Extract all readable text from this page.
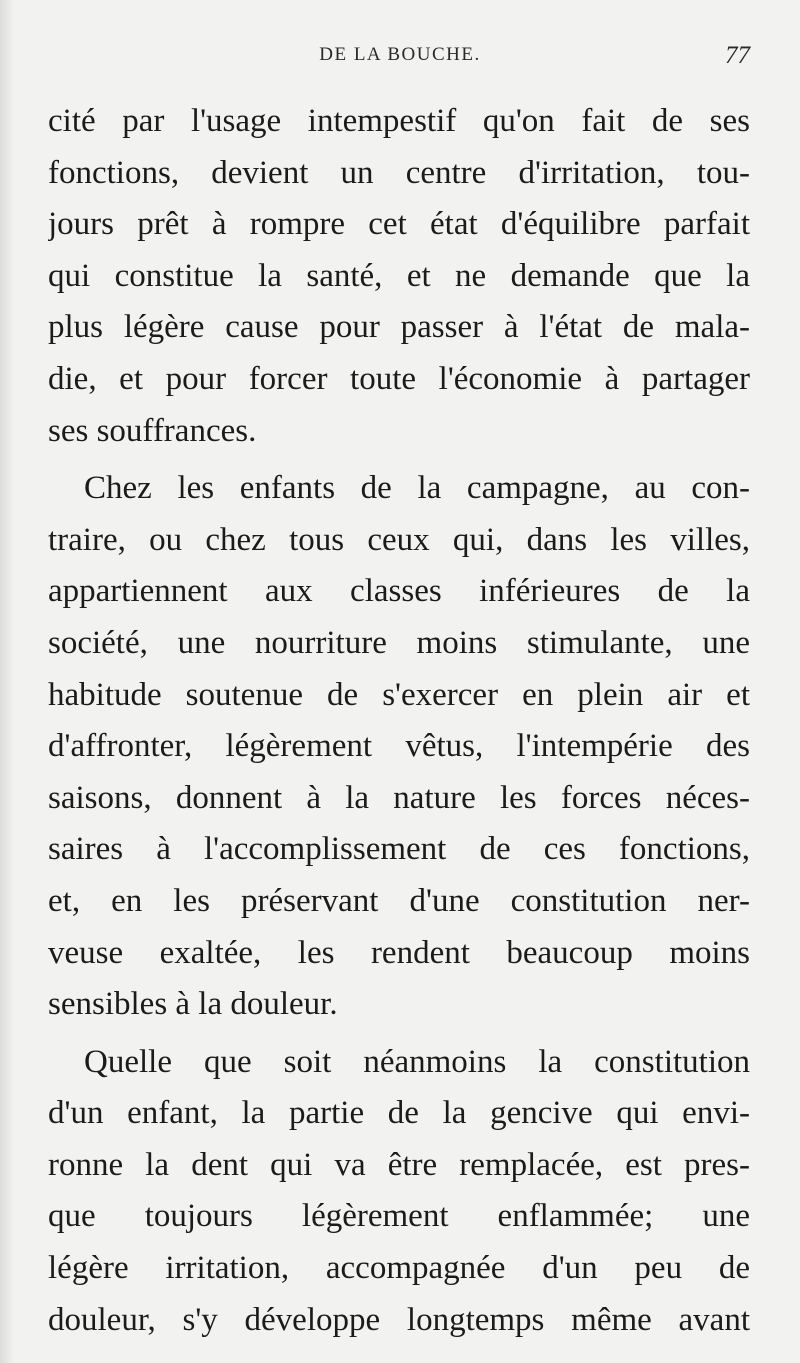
DE LA BOUCHE.	77
cité par l'usage intempestif qu'on fait de ses
fonctions, devient un centre d'irritation, tou-
jours prêt à rompre cet état d'équilibre parfait
qui constitue la santé, et ne demande que la
plus légère cause pour passer à l'état de mala-
die, et pour forcer toute l'économie à partager
ses souffrances.
Chez les enfants de la campagne, au con-
traire, ou chez tous ceux qui, dans les villes,
appartiennent aux classes inférieures de la
société, une nourriture moins stimulante, une
habitude soutenue de s'exercer en plein air et
d'affronter, légèrement vêtus, l'intempérie des
saisons, donnent à la nature les forces néces-
saires à l'accomplissement de ces fonctions,
et, en les préservant d'une constitution ner-
veuse exaltée, les rendent beaucoup moins
sensibles à la douleur.
Quelle que soit néanmoins la constitution
d'un enfant, la partie de la gencive qui envi-
ronne la dent qui va être remplacée, est pres-
que toujours légèrement enflammée; une
légère irritation, accompagnée d'un peu de
douleur, s'y développe longtemps même avant
